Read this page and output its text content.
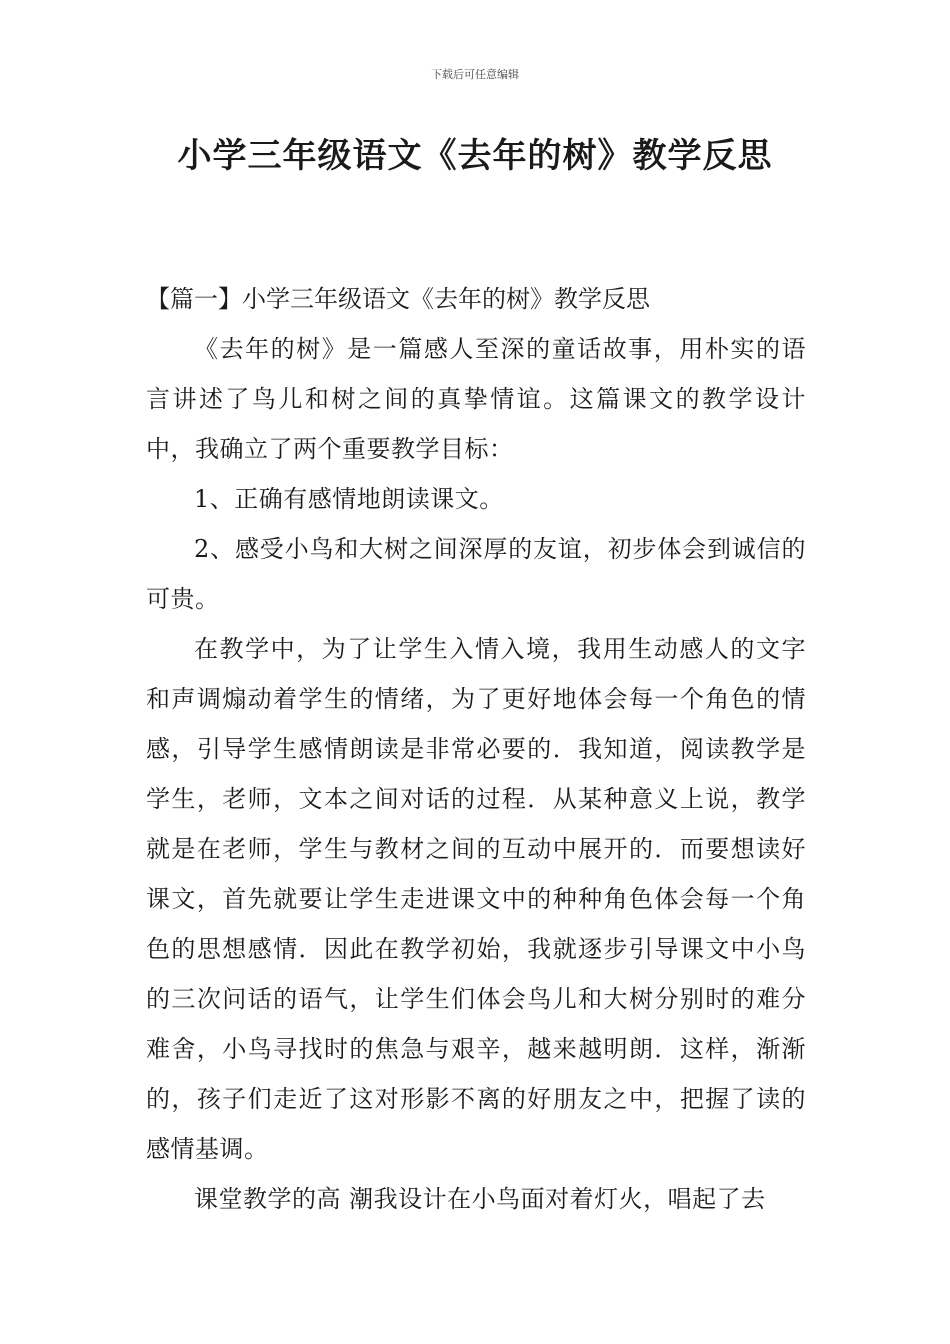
下载后可任意编辑
小学三年级语文《去年的树》教学反思

【篇一】小学三年级语文《去年的树》教学反思

《去年的树》是一篇感人至深的童话故事，用朴实的语言讲述了鸟儿和树之间的真挚情谊。这篇课文的教学设计中，我确立了两个重要教学目标：

1、正确有感情地朗读课文。

2、感受小鸟和大树之间深厚的友谊，初步体会到诚信的可贵。

在教学中，为了让学生入情入境，我用生动感人的文字和声调煽动着学生的情绪，为了更好地体会每一个角色的情感，引导学生感情朗读是非常必要的．我知道，阅读教学是学生，老师，文本之间对话的过程．从某种意义上说，教学就是在老师，学生与教材之间的互动中展开的．而要想读好课文，首先就要让学生走进课文中的种种角色体会每一个角色的思想感情．因此在教学初始，我就逐步引导课文中小鸟的三次问话的语气，让学生们体会鸟儿和大树分别时的难分难舍，小鸟寻找时的焦急与艰辛，越来越明朗．这样，渐渐的，孩子们走近了这对形影不离的好朋友之中，把握了读的感情基调。

课堂教学的高 潮我设计在小鸟面对着灯火，唱起了去
